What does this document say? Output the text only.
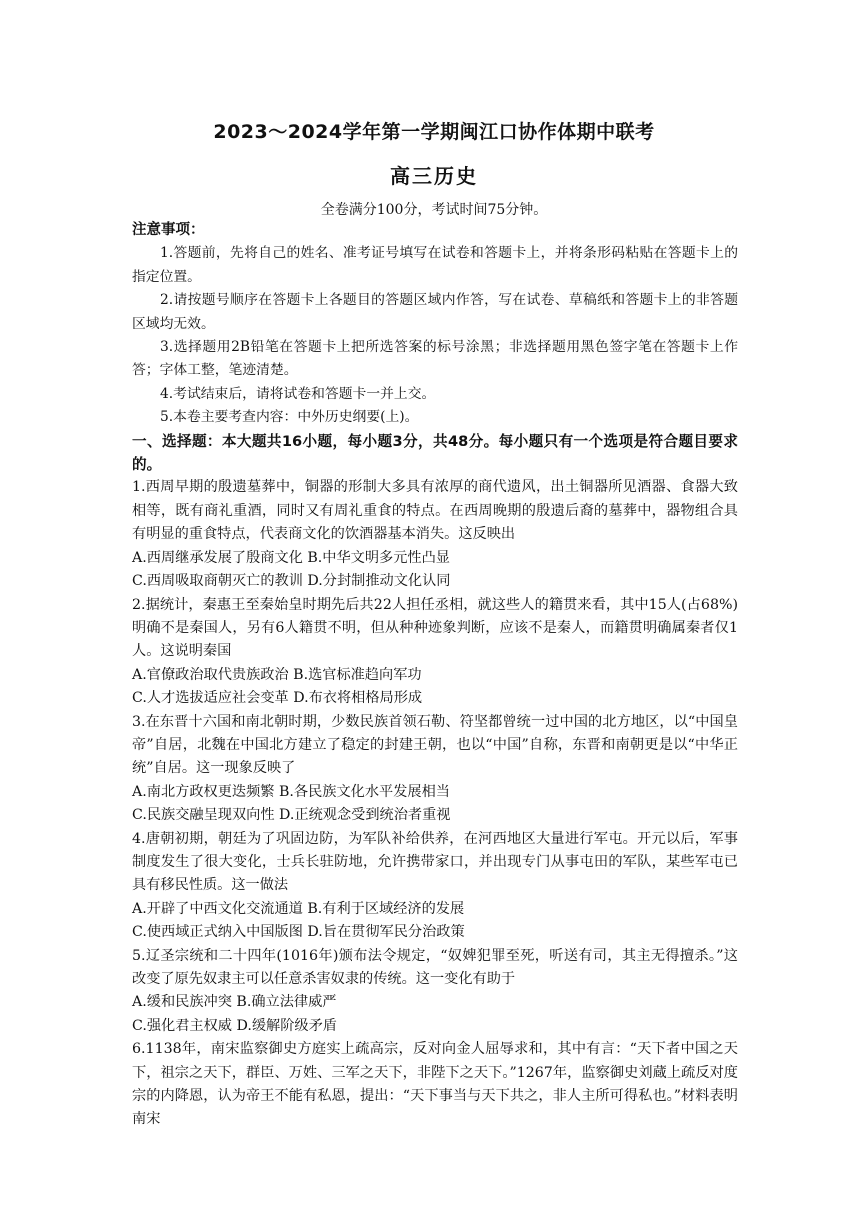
2023～2024学年第一学期闽江口协作体期中联考
高三历史
全卷满分100分，考试时间75分钟。
注意事项：
1.答题前，先将自己的姓名、准考证号填写在试卷和答题卡上，并将条形码粘贴在答题卡上的指定位置。
2.请按题号顺序在答题卡上各题目的答题区域内作答，写在试卷、草稿纸和答题卡上的非答题区域均无效。
3.选择题用2B铅笔在答题卡上把所选答案的标号涂黑；非选择题用黑色签字笔在答题卡上作答；字体工整，笔迹清楚。
4.考试结束后，请将试卷和答题卡一并上交。
5.本卷主要考查内容：中外历史纲要(上)。
一、选择题：本大题共16小题，每小题3分，共48分。每小题只有一个选项是符合题目要求的。
1.西周早期的殷遗墓葬中，铜器的形制大多具有浓厚的商代遗风，出土铜器所见酒器、食器大致相等，既有商礼重酒，同时又有周礼重食的特点。在西周晚期的殷遗后裔的墓葬中，器物组合具有明显的重食特点，代表商文化的饮酒器基本消失。这反映出
A.西周继承发展了殷商文化 B.中华文明多元性凸显
C.西周吸取商朝灭亡的教训 D.分封制推动文化认同
2.据统计，秦惠王至秦始皇时期先后共22人担任丞相，就这些人的籍贯来看，其中15人(占68%)明确不是秦国人，另有6人籍贯不明，但从种种迹象判断，应该不是秦人，而籍贯明确属秦者仅1人。这说明秦国
A.官僚政治取代贵族政治 B.选官标准趋向军功
C.人才选拔适应社会变革 D.布衣将相格局形成
3.在东晋十六国和南北朝时期，少数民族首领石勒、符坚都曾统一过中国的北方地区，以“中国皇帝”自居，北魏在中国北方建立了稳定的封建王朝，也以“中国”自称，东晋和南朝更是以“中华正统”自居。这一现象反映了
A.南北方政权更迭频繁 B.各民族文化水平发展相当
C.民族交融呈现双向性 D.正统观念受到统治者重视
4.唐朝初期，朝廷为了巩固边防，为军队补给供养，在河西地区大量进行军屯。开元以后，军事制度发生了很大变化，士兵长驻防地，允许携带家口，并出现专门从事屯田的军队，某些军屯已具有移民性质。这一做法
A.开辟了中西文化交流通道 B.有利于区域经济的发展
C.使西域正式纳入中国版图 D.旨在贯彻军民分治政策
5.辽圣宗统和二十四年(1016年)颁布法令规定，“奴婢犯罪至死，听送有司，其主无得擅杀。”这改变了原先奴隶主可以任意杀害奴隶的传统。这一变化有助于
A.缓和民族冲突 B.确立法律威严
C.强化君主权威 D.缓解阶级矛盾
6.1138年，南宋监察御史方庭实上疏高宗，反对向金人屈辱求和，其中有言：“天下者中国之天下，祖宗之天下，群臣、万姓、三军之天下，非陛下之天下。”1267年，监察御史刘蔵上疏反对度宗的内降恩，认为帝王不能有私恩，提出：“天下事当与天下共之，非人主所可得私也。”材料表明南宋
